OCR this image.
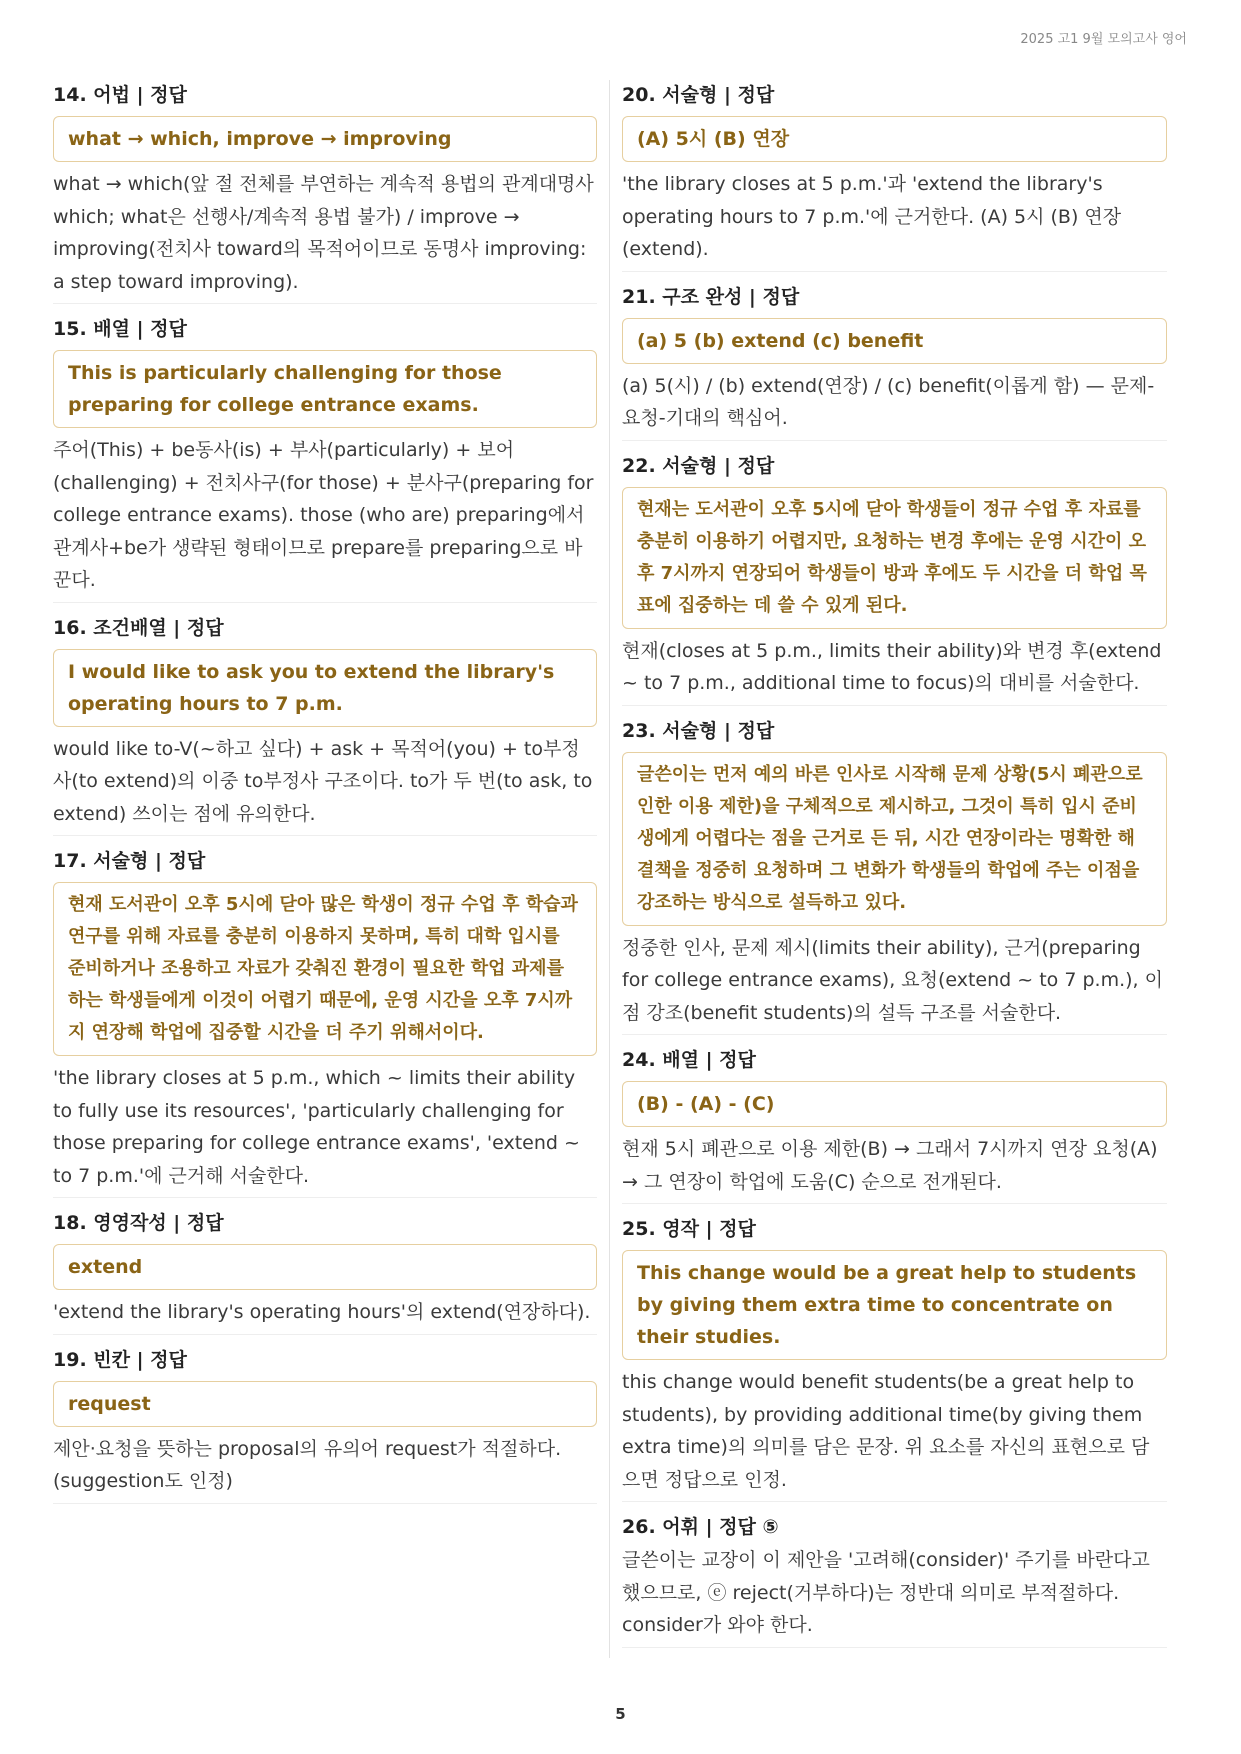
2025 고1 9월 모의고사 영어
14. 어법 | 정답
what → which, improve → improving
what → which(앞 절 전체를 부연하는 계속적 용법의 관계대명사 which; what은 선행사/계속적 용법 불가) / improve → improving(전치사 toward의 목적어이므로 동명사 improving: a step toward improving).
15. 배열 | 정답
This is particularly challenging for those preparing for college entrance exams.
주어(This) + be동사(is) + 부사(particularly) + 보어(challenging) + 전치사구(for those) + 분사구(preparing for college entrance exams). those (who are) preparing에서 관계사+be가 생략된 형태이므로 prepare를 preparing으로 바꾼다.
16. 조건배열 | 정답
I would like to ask you to extend the library's operating hours to 7 p.m.
would like to-V(~하고 싶다) + ask + 목적어(you) + to부정사(to extend)의 이중 to부정사 구조이다. to가 두 번(to ask, to extend) 쓰이는 점에 유의한다.
17. 서술형 | 정답
현재 도서관이 오후 5시에 닫아 많은 학생이 정규 수업 후 학습과 연구를 위해 자료를 충분히 이용하지 못하며, 특히 대학 입시를 준비하거나 조용하고 자료가 갖춰진 환경이 필요한 학업 과제를 하는 학생들에게 이것이 어렵기 때문에, 운영 시간을 오후 7시까지 연장해 학업에 집중할 시간을 더 주기 위해서이다.
'the library closes at 5 p.m., which ~ limits their ability to fully use its resources', 'particularly challenging for those preparing for college entrance exams', 'extend ~ to 7 p.m.'에 근거해 서술한다.
18. 영영작성 | 정답
extend
'extend the library's operating hours'의 extend(연장하다).
19. 빈칸 | 정답
request
제안·요청을 뜻하는 proposal의 유의어 request가 적절하다. (suggestion도 인정)
20. 서술형 | 정답
(A) 5시 (B) 연장
'the library closes at 5 p.m.'과 'extend the library's operating hours to 7 p.m.'에 근거한다. (A) 5시 (B) 연장(extend).
21. 구조 완성 | 정답
(a) 5 (b) extend (c) benefit
(a) 5(시) / (b) extend(연장) / (c) benefit(이롭게 함) — 문제-요청-기대의 핵심어.
22. 서술형 | 정답
현재는 도서관이 오후 5시에 닫아 학생들이 정규 수업 후 자료를 충분히 이용하기 어렵지만, 요청하는 변경 후에는 운영 시간이 오후 7시까지 연장되어 학생들이 방과 후에도 두 시간을 더 학업 목표에 집중하는 데 쓸 수 있게 된다.
현재(closes at 5 p.m., limits their ability)와 변경 후(extend ~ to 7 p.m., additional time to focus)의 대비를 서술한다.
23. 서술형 | 정답
글쓴이는 먼저 예의 바른 인사로 시작해 문제 상황(5시 폐관으로 인한 이용 제한)을 구체적으로 제시하고, 그것이 특히 입시 준비생에게 어렵다는 점을 근거로 든 뒤, 시간 연장이라는 명확한 해결책을 정중히 요청하며 그 변화가 학생들의 학업에 주는 이점을 강조하는 방식으로 설득하고 있다.
정중한 인사, 문제 제시(limits their ability), 근거(preparing for college entrance exams), 요청(extend ~ to 7 p.m.), 이점 강조(benefit students)의 설득 구조를 서술한다.
24. 배열 | 정답
(B) - (A) - (C)
현재 5시 폐관으로 이용 제한(B) → 그래서 7시까지 연장 요청(A) → 그 연장이 학업에 도움(C) 순으로 전개된다.
25. 영작 | 정답
This change would be a great help to students by giving them extra time to concentrate on their studies.
this change would benefit students(be a great help to students), by providing additional time(by giving them extra time)의 의미를 담은 문장. 위 요소를 자신의 표현으로 담으면 정답으로 인정.
26. 어휘 | 정답 ⑤
글쓴이는 교장이 이 제안을 '고려해(consider)' 주기를 바란다고 했으므로, ⓔ reject(거부하다)는 정반대 의미로 부적절하다. consider가 와야 한다.
5
